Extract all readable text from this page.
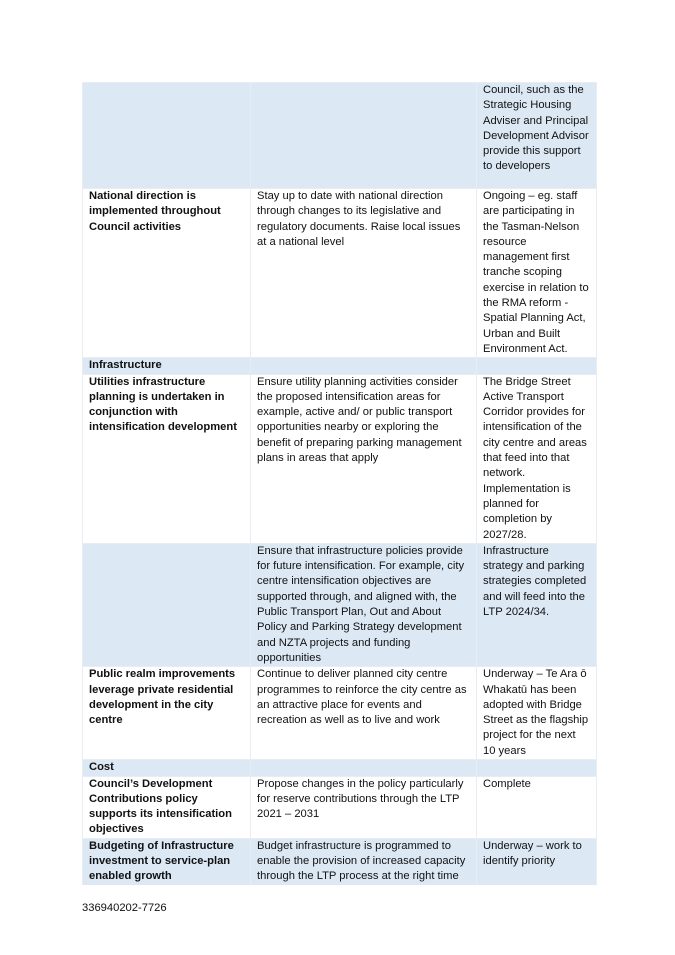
		Council, such as the Strategic Housing Adviser and Principal Development Advisor provide this support to developers
National direction is implemented throughout Council activities	Stay up to date with national direction through changes to its legislative and regulatory documents. Raise local issues at a national level	Ongoing – eg. staff are participating in the Tasman-Nelson resource management first tranche scoping exercise in relation to the RMA reform - Spatial Planning Act, Urban and Built Environment Act.
Infrastructure		
Utilities infrastructure planning is undertaken in conjunction with intensification development	Ensure utility planning activities consider the proposed intensification areas for example, active and/ or public transport opportunities nearby or exploring the benefit of preparing parking management plans in areas that apply	The Bridge Street Active Transport Corridor provides for intensification of the city centre and areas that feed into that network. Implementation is planned for completion by 2027/28.
	Ensure that infrastructure policies provide for future intensification. For example, city centre intensification objectives are supported through, and aligned with, the Public Transport Plan, Out and About Policy and Parking Strategy development and NZTA projects and funding opportunities	Infrastructure strategy and parking strategies completed and will feed into the LTP 2024/34.
Public realm improvements leverage private residential development in the city centre	Continue to deliver planned city centre programmes to reinforce the city centre as an attractive place for events and recreation as well as to live and work	Underway – Te Ara ō Whakatū has been adopted with Bridge Street as the flagship project for the next 10 years
Cost		
Council’s Development Contributions policy supports its intensification objectives	Propose changes in the policy particularly for reserve contributions through the LTP 2021 – 2031	Complete
Budgeting of Infrastructure investment to service-plan enabled growth	Budget infrastructure is programmed to enable the provision of increased capacity through the LTP process at the right time	Underway – work to identify priority
336940202-7726
